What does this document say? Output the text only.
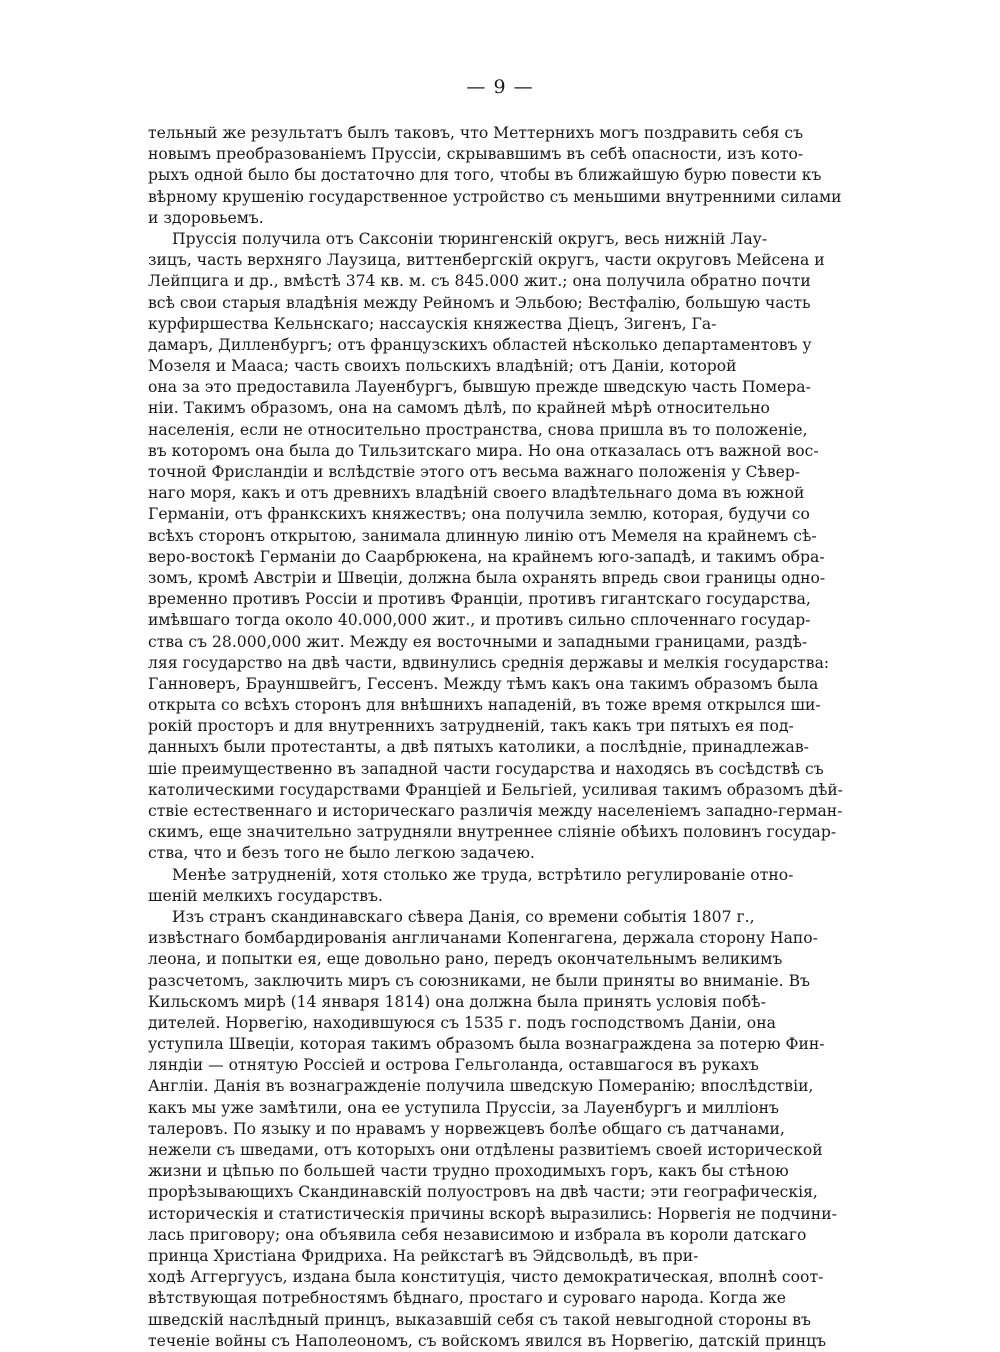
— 9 —
тельный же результатъ былъ таковъ, что Меттернихъ могъ поздравить себя съ
новымъ преобразованіемъ Пруссіи, скрывавшимъ въ себѣ опасности, изъ кото-
рыхъ одной было бы достаточно для того, чтобы въ ближайшую бурю повести къ
вѣрному крушенію государственное устройство съ меньшими внутренними силами
и здоровьемъ.
Пруссія получила отъ Саксоніи тюрингенскій округъ, весь нижній Лау-
зицъ, часть верхняго Лаузица, виттенбергскій округъ, части округовъ Мейсена и
Лейпцига и др., вмѣстѣ 374 кв. м. съ 845.000 жит.; она получила обратно почти
всѣ свои старыя владѣнія между Рейномъ и Эльбою; Вестфалію, большую часть
курфиршества Кельнскаго; нассаускія княжества Діецъ, Зигенъ, Га-
дамаръ, Дилленбургъ; отъ французскихъ областей нѣсколько департаментовъ у
Мозеля и Мааса; часть своихъ польскихъ владѣній; отъ Даніи, которой
она за это предоставила Лауенбургъ, бывшую прежде шведскую часть Помера-
ніи. Такимъ образомъ, она на самомъ дѣлѣ, по крайней мѣрѣ относительно
населенія, если не относительно пространства, снова пришла въ то положеніе,
въ которомъ она была до Тильзитскаго мира. Но она отказалась отъ важной вос-
точной Фрисландіи и вслѣдствіе этого отъ весьма важнаго положенія у Сѣвер-
наго моря, какъ и отъ древнихъ владѣній своего владѣтельнаго дома въ южной
Германіи, отъ франкскихъ княжествъ; она получила землю, которая, будучи со
всѣхъ сторонъ открытою, занимала длинную линію отъ Мемеля на крайнемъ сѣ-
веро-востокѣ Германіи до Саарбрюкена, на крайнемъ юго-западѣ, и такимъ обра-
зомъ, кромѣ Австріи и Швеціи, должна была охранять впредь свои границы одно-
временно противъ Россіи и противъ Франціи, противъ гигантскаго государства,
имѣвшаго тогда около 40.000,000 жит., и противъ сильно сплоченнаго государ-
ства съ 28.000,000 жит. Между ея восточными и западными границами, раздѣ-
ляя государство на двѣ части, вдвинулись среднія державы и мелкія государства:
Ганноверъ, Брауншвейгъ, Гессенъ. Между тѣмъ какъ она такимъ образомъ была
открыта со всѣхъ сторонъ для внѣшнихъ нападеній, въ тоже время открылся ши-
рокій просторъ и для внутреннихъ затрудненій, такъ какъ три пятыхъ ея под-
данныхъ были протестанты, а двѣ пятыхъ католики, а послѣдніе, принадлежав-
шіе преимущественно въ западной части государства и находясь въ сосѣдствѣ съ
католическими государствами Франціей и Бельгіей, усиливая такимъ образомъ дѣй-
ствіе естественнаго и историческаго различія между населеніемъ западно-герман-
скимъ, еще значительно затрудняли внутреннее сліяніе обѣихъ половинъ государ-
ства, что и безъ того не было легкою задачею.
Менѣе затрудненій, хотя столько же труда, встрѣтило регулированіе отно-
шеній мелкихъ государствъ.
Изъ странъ скандинавскаго сѣвера Данія, со времени событія 1807 г.,
извѣстнаго бомбардированія англичанами Копенгагена, держала сторону Напо-
леона, и попытки ея, еще довольно рано, передъ окончательнымъ великимъ
разсчетомъ, заключить миръ съ союзниками, не были приняты во вниманіе. Въ
Кильскомъ мирѣ (14 января 1814) она должна была принять условія побѣ-
дителей. Норвегію, находившуюся съ 1535 г. подъ господствомъ Даніи, она
уступила Швеціи, которая такимъ образомъ была вознаграждена за потерю Фин-
ляндіи — отнятую Россіей и острова Гельголанда, оставшагося въ рукахъ
Англіи. Данія въ вознагражденіе получила шведскую Померанію; впослѣдствіи,
какъ мы уже замѣтили, она ее уступила Пруссіи, за Лауенбургъ и милліонъ
талеровъ. По языку и по нравамъ у норвежцевъ болѣе общаго съ датчанами,
нежели съ шведами, отъ которыхъ они отдѣлены развитіемъ своей исторической
жизни и цѣпью по большей части трудно проходимыхъ горъ, какъ бы стѣною
прорѣзывающихъ Скандинавскій полуостровъ на двѣ части; эти географическія,
историческія и статистическія причины вскорѣ выразились: Норвегія не подчини-
лась приговору; она объявила себя независимою и избрала въ короли датскаго
принца Христіана Фридриха. На рейкстагѣ въ Эйдсвольдѣ, въ при-
ходѣ Аггергуусъ, издана была конституція, чисто демократическая, вполнѣ соот-
вѣтствующая потребностямъ бѣднаго, простаго и суроваго народа. Когда же
шведскій наслѣдный принцъ, выказавшій себя съ такой невыгодной стороны въ
теченіе войны съ Наполеономъ, съ войскомъ явился въ Норвегію, датскій принцъ
